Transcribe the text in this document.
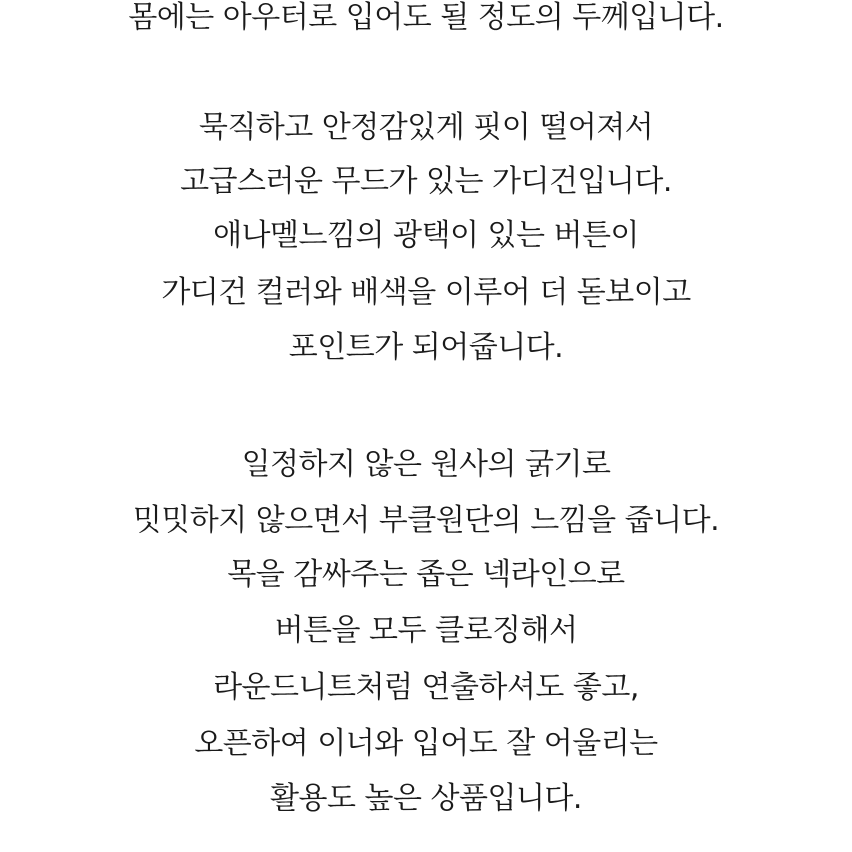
몸에는 아우터로 입어도 될 정도의 두께입니다.
묵직하고 안정감있게 핏이 떨어져서
고급스러운 무드가 있는 가디건입니다.
애나멜느낌의 광택이 있는 버튼이
가디건 컬러와 배색을 이루어 더 돋보이고
포인트가 되어줍니다.
일정하지 않은 원사의 굵기로
밋밋하지 않으면서 부클원단의 느낌을 줍니다.
목을 감싸주는 좁은 넥라인으로
버튼을 모두 클로징해서
라운드니트처럼 연출하셔도 좋고,
오픈하여 이너와 입어도 잘 어울리는
활용도 높은 상품입니다.
